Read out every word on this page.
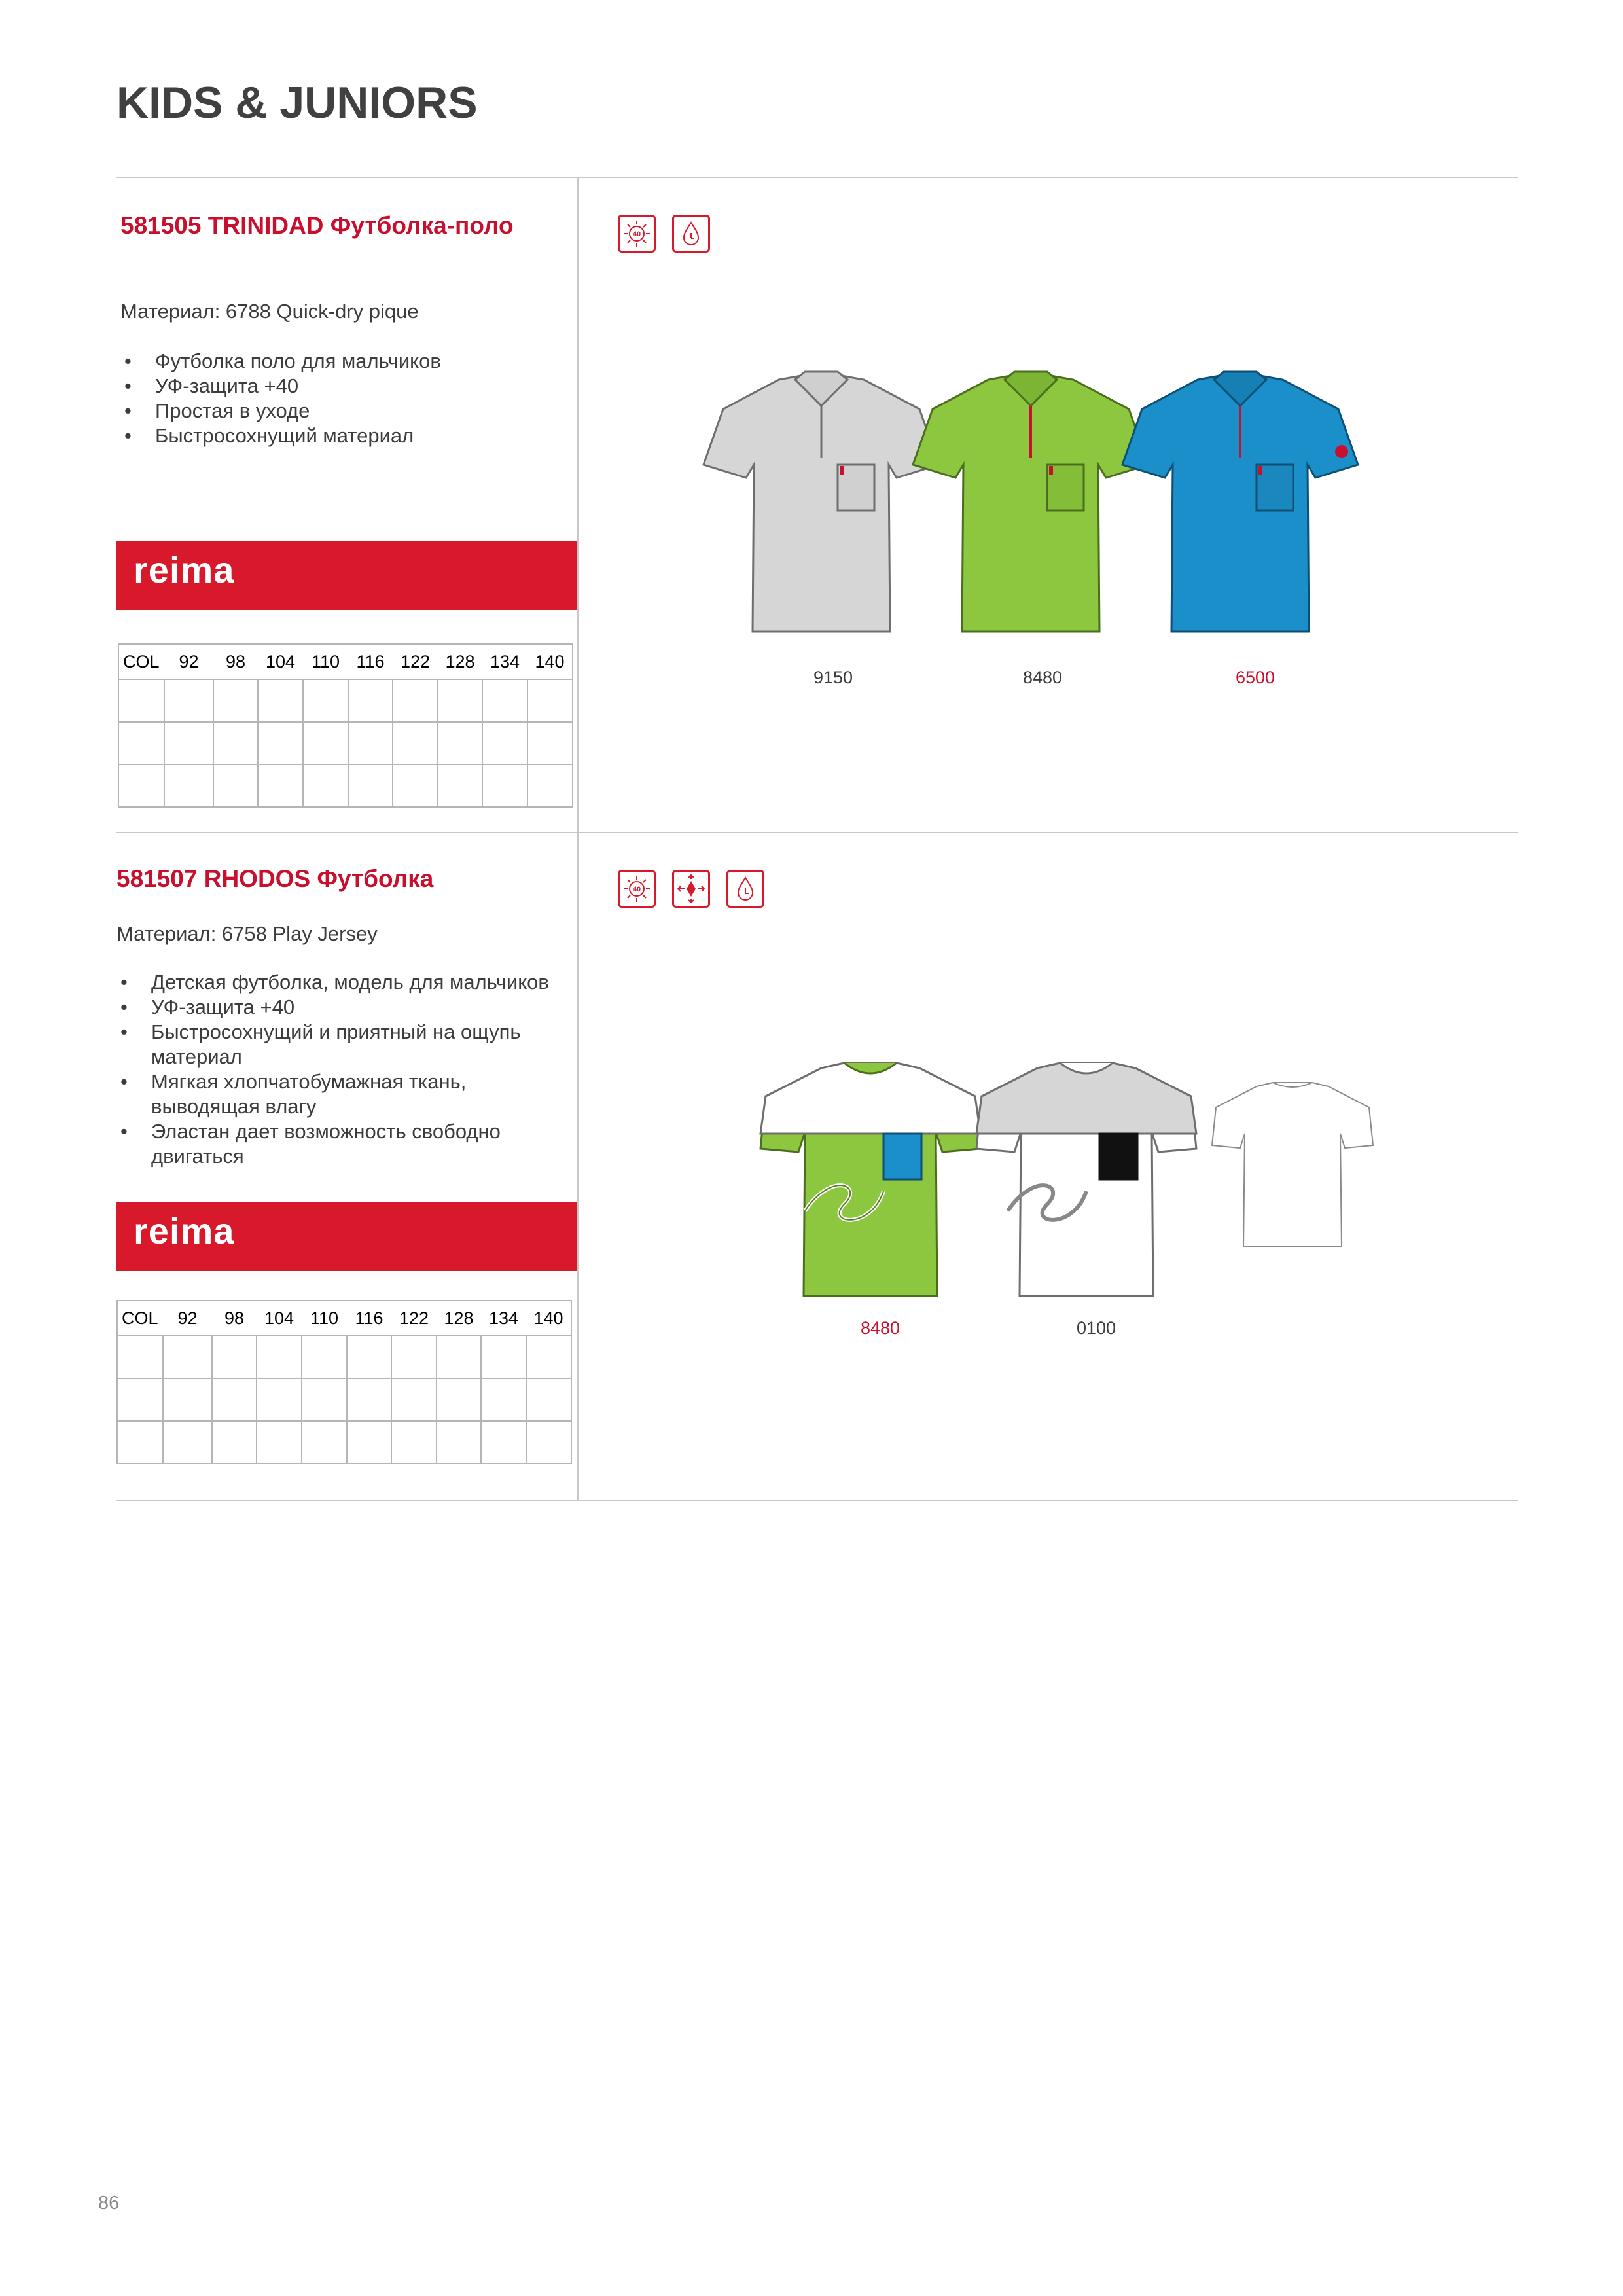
KIDS & JUNIORS
581505 TRINIDAD Футболка-поло
Материал: 6788 Quick-dry pique
• Футболка поло для мальчиков
• УФ-защита +40
• Простая в уходе
• Быстросохнущий материал
reima
COL	92	98	104	110	116	122	128	134	140

40
9150	8480	6500
581507 RHODOS Футболка
Материал: 6758 Play Jersey
• Детская футболка, модель для мальчиков
• УФ-защита +40
• Быстросохнущий и приятный на ощупь материал
• Мягкая хлопчатобумажная ткань, выводящая влагу
• Эластан дает возможность свободно двигаться
reima
COL	92	98	104	110	116	122	128	134	140

40
8480	0100
86
